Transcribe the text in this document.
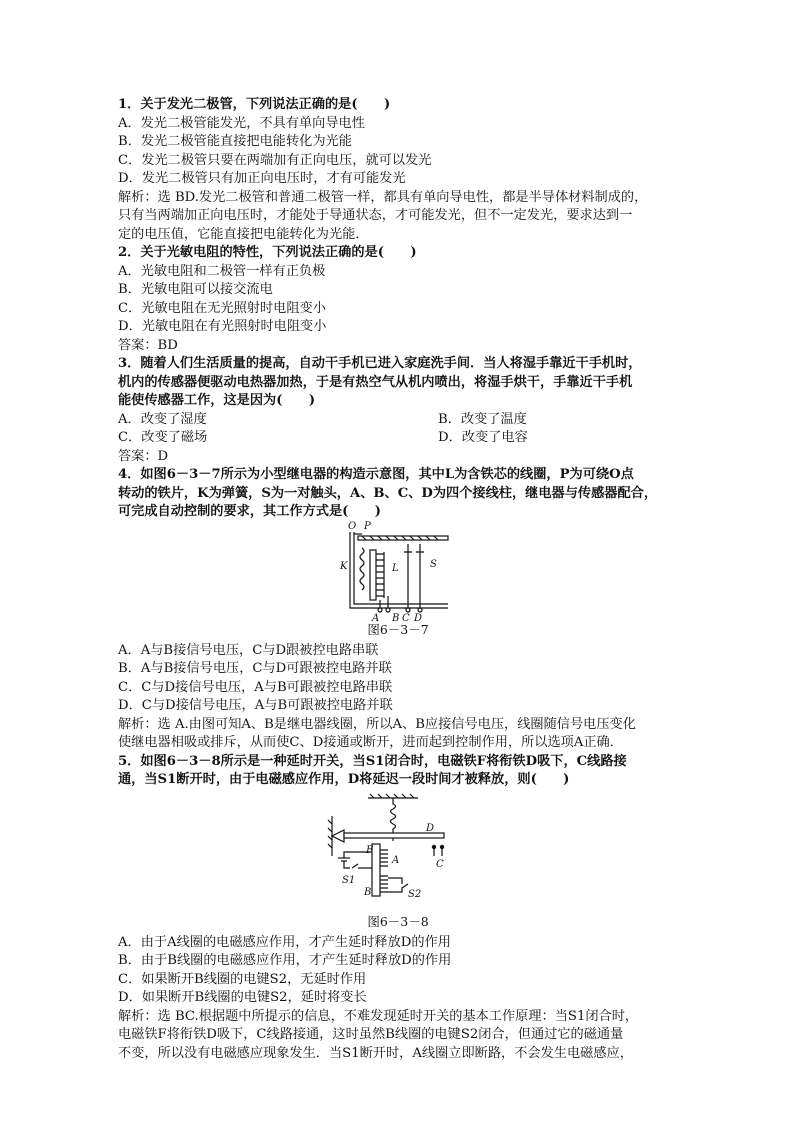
1．关于发光二极管，下列说法正确的是(　　)
A．发光二极管能发光，不具有单向导电性
B．发光二极管能直接把电能转化为光能
C．发光二极管只要在两端加有正向电压，就可以发光
D．发光二极管只有加正向电压时，才有可能发光
解析：选 BD.发光二极管和普通二极管一样，都具有单向导电性，都是半导体材料制成的，
只有当两端加正向电压时，才能处于导通状态，才可能发光，但不一定发光，要求达到一
定的电压值，它能直接把电能转化为光能．
2．关于光敏电阻的特性，下列说法正确的是(　　)
A．光敏电阻和二极管一样有正负极
B．光敏电阻可以接交流电
C．光敏电阻在无光照射时电阻变小
D．光敏电阻在有光照射时电阻变小
答案：BD
3．随着人们生活质量的提高，自动干手机已进入家庭洗手间．当人将湿手靠近干手机时，
机内的传感器便驱动电热器加热，于是有热空气从机内喷出，将湿手烘干，手靠近干手机
能使传感器工作，这是因为(　　)
A．改变了湿度	B．改变了温度
C．改变了磁场	D．改变了电容
答案：D
4．如图6－3－7所示为小型继电器的构造示意图，其中L为含铁芯的线圈，P为可绕O点
转动的铁片，K为弹簧，S为一对触头，A、B、C、D为四个接线柱，继电器与传感器配合，
可完成自动控制的要求，其工作方式是(　　)
O P
K	L	S
A B C D
图6－3－7
A．A与B接信号电压，C与D跟被控电路串联
B．A与B接信号电压，C与D可跟被控电路并联
C．C与D接信号电压，A与B可跟被控电路串联
D．C与D接信号电压，A与B可跟被控电路并联
解析：选 A.由图可知A、B是继电器线圈，所以A、B应接信号电压，线圈随信号电压变化
使继电器相吸或排斥，从而使C、D接通或断开，进而起到控制作用，所以选项A正确．
5．如图6－3－8所示是一种延时开关，当S1闭合时，电磁铁F将衔铁D吸下，C线路接
通，当S1断开时，由于电磁感应作用，D将延迟一段时间才被释放，则(　　)
D
F
A	C
S1
B	S2
图6－3－8
A．由于A线圈的电磁感应作用，才产生延时释放D的作用
B．由于B线圈的电磁感应作用，才产生延时释放D的作用
C．如果断开B线圈的电键S2，无延时作用
D．如果断开B线圈的电键S2，延时将变长
解析：选 BC.根据题中所提示的信息，不难发现延时开关的基本工作原理：当S1闭合时，
电磁铁F将衔铁D吸下，C线路接通，这时虽然B线圈的电键S2闭合，但通过它的磁通量
不变，所以没有电磁感应现象发生．当S1断开时，A线圈立即断路，不会发生电磁感应，
